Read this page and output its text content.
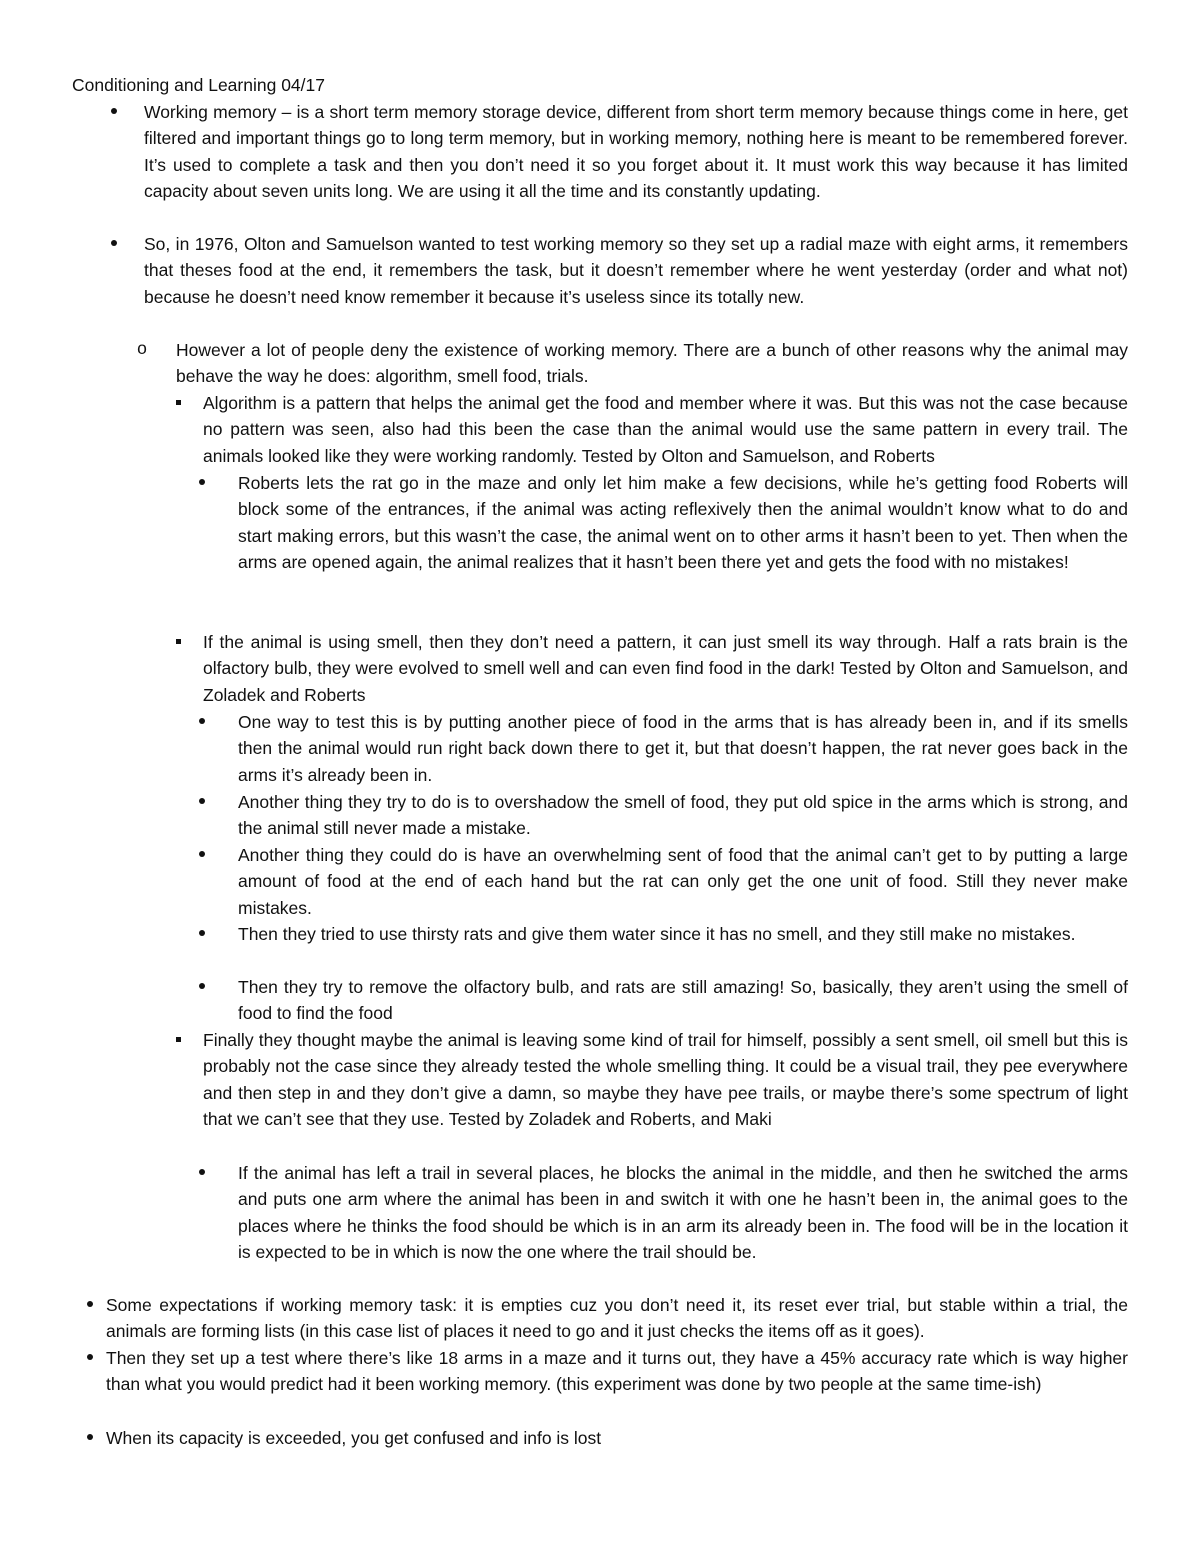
Conditioning and Learning 04/17
Working memory – is a short term memory storage device, different from short term memory because things come in here, get filtered and important things go to long term memory, but in working memory, nothing here is meant to be remembered forever. It’s used to complete a task and then you don’t need it so you forget about it. It must work this way because it has limited capacity about seven units long. We are using it all the time and its constantly updating.
So, in 1976, Olton and Samuelson wanted to test working memory so they set up a radial maze with eight arms, it remembers that theses food at the end, it remembers the task, but it doesn’t remember where he went yesterday (order and what not) because he doesn’t need know remember it because it’s useless since its totally new.
o However a lot of people deny the existence of working memory. There are a bunch of other reasons why the animal may behave the way he does: algorithm, smell food, trials.
Algorithm is a pattern that helps the animal get the food and member where it was. But this was not the case because no pattern was seen, also had this been the case than the animal would use the same pattern in every trail. The animals looked like they were working randomly. Tested by Olton and Samuelson, and Roberts
Roberts lets the rat go in the maze and only let him make a few decisions, while he’s getting food Roberts will block some of the entrances, if the animal was acting reflexively then the animal wouldn’t know what to do and start making errors, but this wasn’t the case, the animal went on to other arms it hasn’t been to yet. Then when the arms are opened again, the animal realizes that it hasn’t been there yet and gets the food with no mistakes!
If the animal is using smell, then they don’t need a pattern, it can just smell its way through. Half a rats brain is the olfactory bulb, they were evolved to smell well and can even find food in the dark! Tested by Olton and Samuelson, and Zoladek and Roberts
One way to test this is by putting another piece of food in the arms that is has already been in, and if its smells then the animal would run right back down there to get it, but that doesn’t happen, the rat never goes back in the arms it’s already been in.
Another thing they try to do is to overshadow the smell of food, they put old spice in the arms which is strong, and the animal still never made a mistake.
Another thing they could do is have an overwhelming sent of food that the animal can’t get to by putting a large amount of food at the end of each hand but the rat can only get the one unit of food. Still they never make mistakes.
Then they tried to use thirsty rats and give them water since it has no smell, and they still make no mistakes.
Then they try to remove the olfactory bulb, and rats are still amazing! So, basically, they aren’t using the smell of food to find the food
Finally they thought maybe the animal is leaving some kind of trail for himself, possibly a sent smell, oil smell but this is probably not the case since they already tested the whole smelling thing. It could be a visual trail, they pee everywhere and then step in and they don’t give a damn, so maybe they have pee trails, or maybe there’s some spectrum of light that we can’t see that they use. Tested by Zoladek and Roberts, and Maki
If the animal has left a trail in several places, he blocks the animal in the middle, and then he switched the arms and puts one arm where the animal has been in and switch it with one he hasn’t been in, the animal goes to the places where he thinks the food should be which is in an arm its already been in. The food will be in the location it is expected to be in which is now the one where the trail should be.
Some expectations if working memory task: it is empties cuz you don’t need it, its reset ever trial, but stable within a trial, the animals are forming lists (in this case list of places it need to go and it just checks the items off as it goes).
Then they set up a test where there’s like 18 arms in a maze and it turns out, they have a 45% accuracy rate which is way higher than what you would predict had it been working memory. (this experiment was done by two people at the same time-ish)
When its capacity is exceeded, you get confused and info is lost
